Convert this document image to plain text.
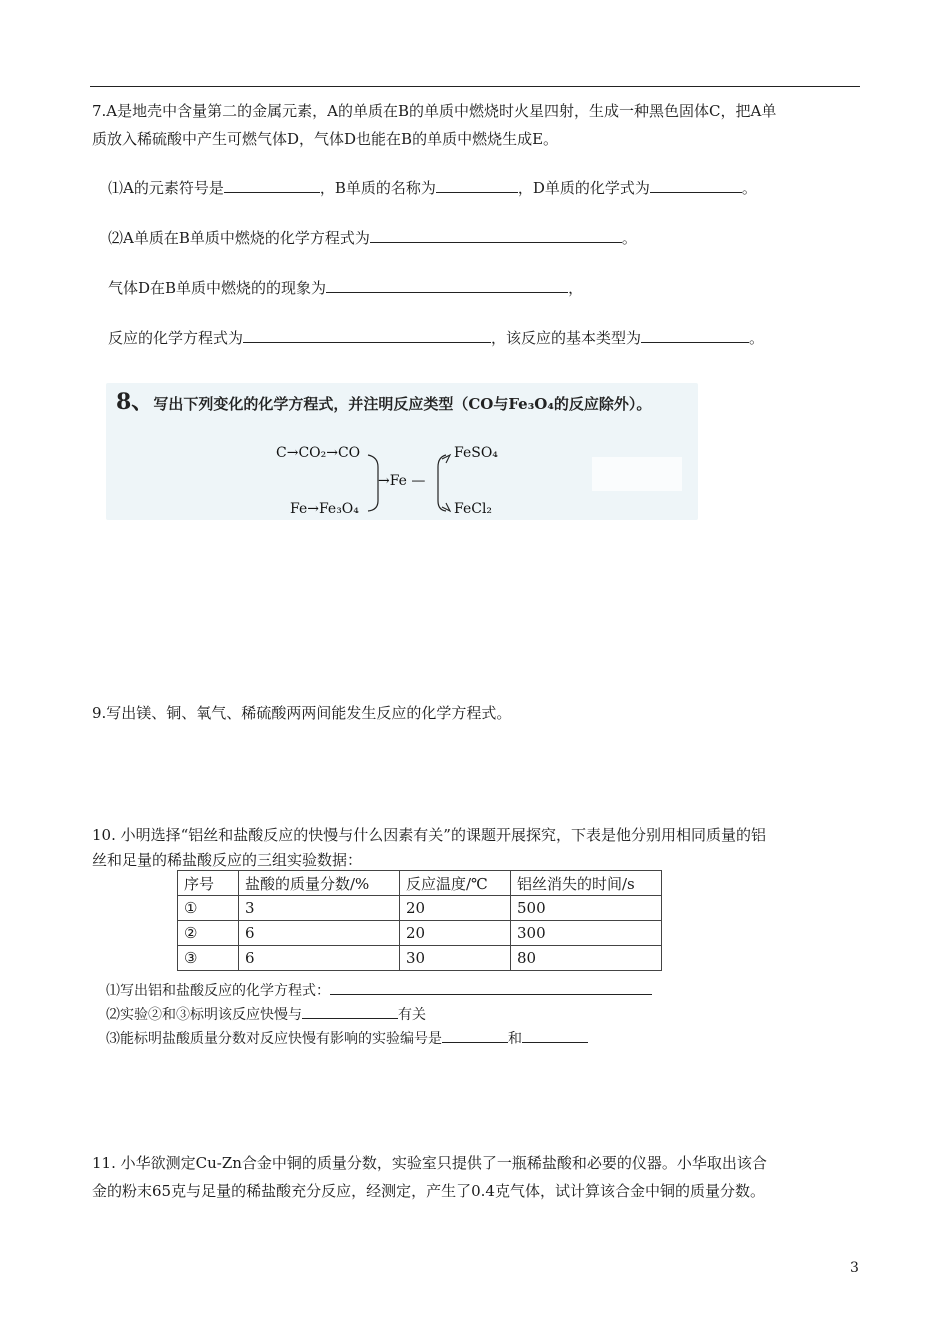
7.A是地壳中含量第二的金属元素，A的单质在B的单质中燃烧时火星四射，生成一种黑色固体C，把A单
质放入稀硫酸中产生可燃气体D，气体D也能在B的单质中燃烧生成E。
⑴A的元素符号是	，B单质的名称为	，D单质的化学式为	。
⑵A单质在B单质中燃烧的化学方程式为	。
气体D在B单质中燃烧的的现象为	，
反应的化学方程式为	，该反应的基本类型为	。
8、写出下列变化的化学方程式，并注明反应类型（CO与Fe₃O₄的反应除外）。
C→CO₂→CO
Fe→Fe₃O₄
→Fe —
FeSO₄
FeCl₂
9.写出镁、铜、氧气、稀硫酸两两间能发生反应的化学方程式。
10. 小明选择“铝丝和盐酸反应的快慢与什么因素有关”的课题开展探究，下表是他分别用相同质量的铝
丝和足量的稀盐酸反应的三组实验数据：
序号	盐酸的质量分数/%	反应温度/℃	铝丝消失的时间/s
①	3	20	500
②	6	20	300
③	6	30	80
⑴写出铝和盐酸反应的化学方程式：
⑵实验②和③标明该反应快慢与	有关
⑶能标明盐酸质量分数对反应快慢有影响的实验编号是	和
11. 小华欲测定Cu-Zn合金中铜的质量分数，实验室只提供了一瓶稀盐酸和必要的仪器。小华取出该合
金的粉末65克与足量的稀盐酸充分反应，经测定，产生了0.4克气体，试计算该合金中铜的质量分数。
3
